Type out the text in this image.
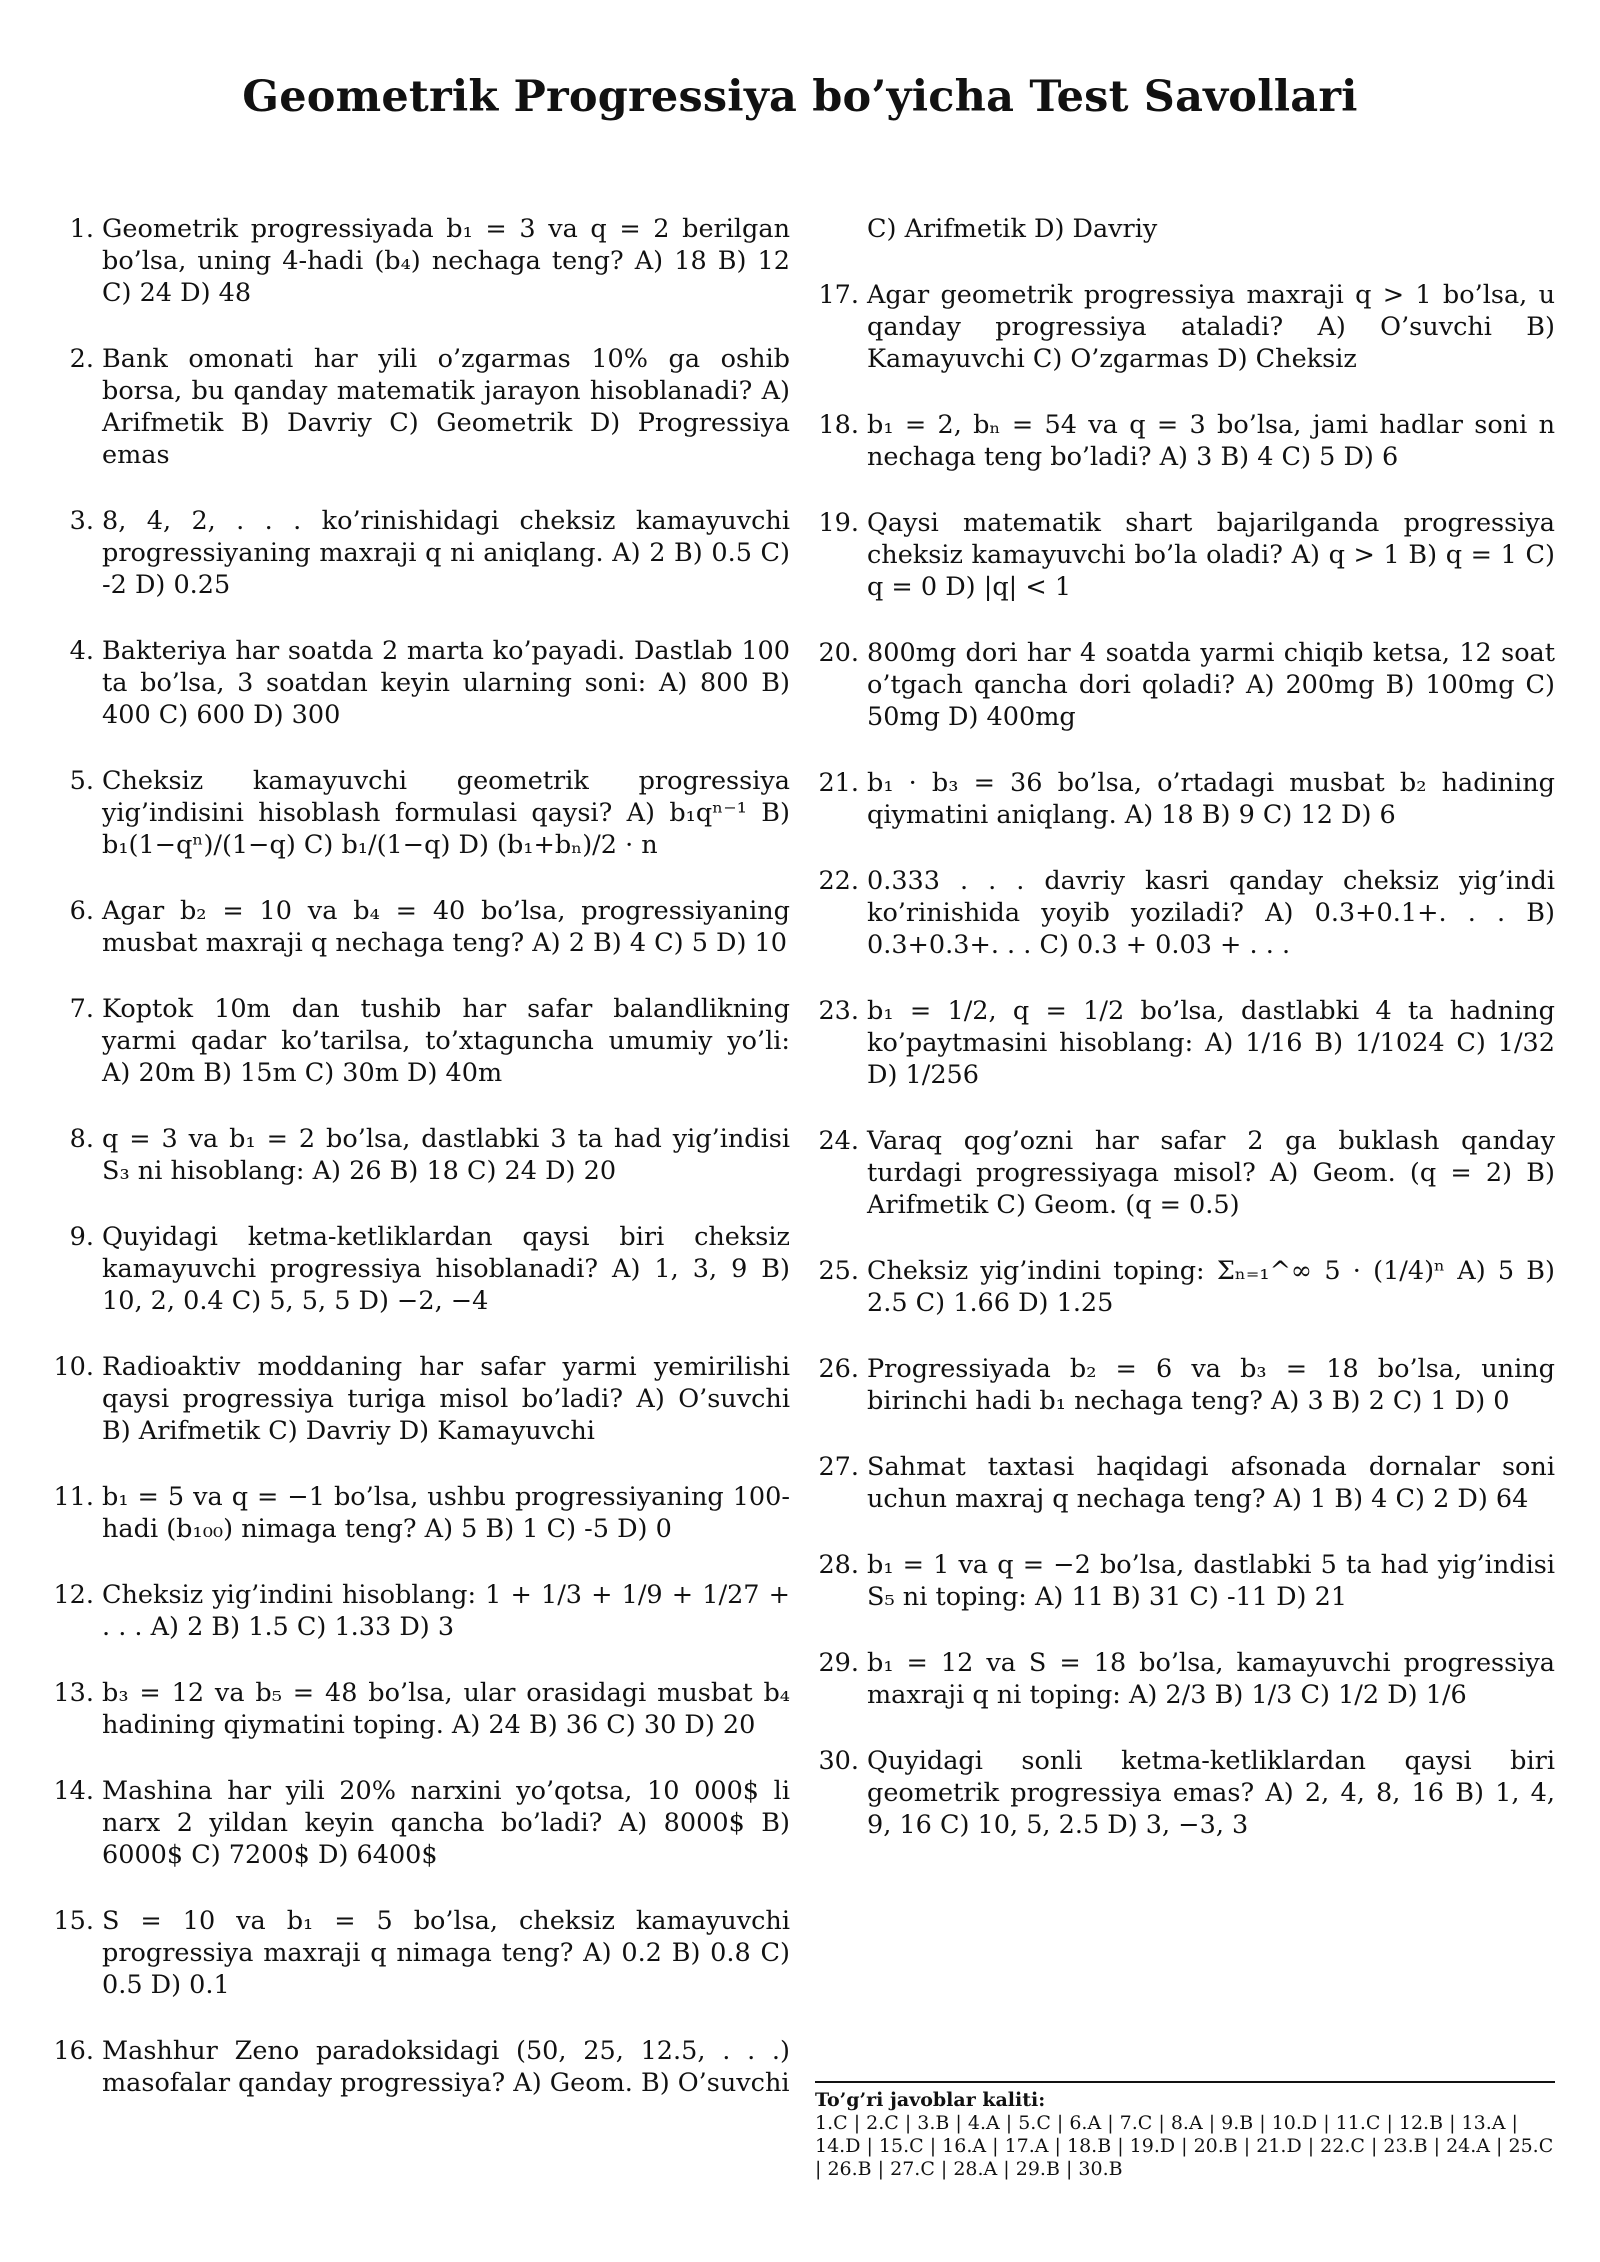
Geometrik Progressiya bo’yicha Test Savollari
1. Geometrik progressiyada b₁ = 3 va q = 2 berilgan bo’lsa, uning 4-hadi (b₄) nechaga teng? A) 18 B) 12 C) 24 D) 48
2. Bank omonati har yili o’zgarmas 10% ga oshib borsa, bu qanday matematik jarayon hisoblanadi? A) Arifmetik B) Davriy C) Geometrik D) Progressiya emas
3. 8, 4, 2, . . . ko’rinishidagi cheksiz kamayuvchi progressiyaning maxraji q ni aniqlang. A) 2 B) 0.5 C) -2 D) 0.25
4. Bakteriya har soatda 2 marta ko’payadi. Dastlab 100 ta bo’lsa, 3 soatdan keyin ularning soni: A) 800 B) 400 C) 600 D) 300
5. Cheksiz kamayuvchi geometrik progressiya yig’indisini hisoblash formulasi qaysi? A) b₁qⁿ⁻¹ B) b₁(1−qⁿ)/(1−q) C) b₁/(1−q) D) (b₁+bₙ)/2 · n
6. Agar b₂ = 10 va b₄ = 40 bo’lsa, progressiyaning musbat maxraji q nechaga teng? A) 2 B) 4 C) 5 D) 10
7. Koptok 10m dan tushib har safar balandlikning yarmi qadar ko’tarilsa, to’xtaguncha umumiy yo’li: A) 20m B) 15m C) 30m D) 40m
8. q = 3 va b₁ = 2 bo’lsa, dastlabki 3 ta had yig’indisi S₃ ni hisoblang: A) 26 B) 18 C) 24 D) 20
9. Quyidagi ketma-ketliklardan qaysi biri cheksiz kamayuvchi progressiya hisoblanadi? A) 1, 3, 9 B) 10, 2, 0.4 C) 5, 5, 5 D) −2, −4
10. Radioaktiv moddaning har safar yarmi yemirilishi qaysi progressiya turiga misol bo’ladi? A) O’suvchi B) Arifmetik C) Davriy D) Kamayuvchi
11. b₁ = 5 va q = −1 bo’lsa, ushbu progressiyaning 100-hadi (b₁₀₀) nimaga teng? A) 5 B) 1 C) -5 D) 0
12. Cheksiz yig’indini hisoblang: 1 + 1/3 + 1/9 + 1/27 + . . . A) 2 B) 1.5 C) 1.33 D) 3
13. b₃ = 12 va b₅ = 48 bo’lsa, ular orasidagi musbat b₄ hadining qiymatini toping. A) 24 B) 36 C) 30 D) 20
14. Mashina har yili 20% narxini yo’qotsa, 10 000$ li narx 2 yildan keyin qancha bo’ladi? A) 8000$ B) 6000$ C) 7200$ D) 6400$
15. S = 10 va b₁ = 5 bo’lsa, cheksiz kamayuvchi progressiya maxraji q nimaga teng? A) 0.2 B) 0.8 C) 0.5 D) 0.1
16. Mashhur Zeno paradoksidagi (50, 25, 12.5, . . .) masofalar qanday progressiya? A) Geom. B) O’suvchi
C) Arifmetik D) Davriy
17. Agar geometrik progressiya maxraji q > 1 bo’lsa, u qanday progressiya ataladi? A) O’suvchi B) Kamayuvchi C) O’zgarmas D) Cheksiz
18. b₁ = 2, bₙ = 54 va q = 3 bo’lsa, jami hadlar soni n nechaga teng bo’ladi? A) 3 B) 4 C) 5 D) 6
19. Qaysi matematik shart bajarilganda progressiya cheksiz kamayuvchi bo’la oladi? A) q > 1 B) q = 1 C) q = 0 D) |q| < 1
20. 800mg dori har 4 soatda yarmi chiqib ketsa, 12 soat o’tgach qancha dori qoladi? A) 200mg B) 100mg C) 50mg D) 400mg
21. b₁ · b₃ = 36 bo’lsa, o’rtadagi musbat b₂ hadining qiymatini aniqlang. A) 18 B) 9 C) 12 D) 6
22. 0.333 . . . davriy kasri qanday cheksiz yig’indi ko’rinishida yoyib yoziladi? A) 0.3+0.1+. . . B) 0.3+0.3+. . . C) 0.3 + 0.03 + . . .
23. b₁ = 1/2, q = 1/2 bo’lsa, dastlabki 4 ta hadning ko’paytmasini hisoblang: A) 1/16 B) 1/1024 C) 1/32 D) 1/256
24. Varaq qog’ozni har safar 2 ga buklash qanday turdagi progressiyaga misol? A) Geom. (q = 2) B) Arifmetik C) Geom. (q = 0.5)
25. Cheksiz yig’indini toping: Σₙ₌₁^∞ 5 · (1/4)ⁿ A) 5 B) 2.5 C) 1.66 D) 1.25
26. Progressiyada b₂ = 6 va b₃ = 18 bo’lsa, uning birinchi hadi b₁ nechaga teng? A) 3 B) 2 C) 1 D) 0
27. Sahmat taxtasi haqidagi afsonada dornalar soni uchun maxraj q nechaga teng? A) 1 B) 4 C) 2 D) 64
28. b₁ = 1 va q = −2 bo’lsa, dastlabki 5 ta had yig’indisi S₅ ni toping: A) 11 B) 31 C) -11 D) 21
29. b₁ = 12 va S = 18 bo’lsa, kamayuvchi progressiya maxraji q ni toping: A) 2/3 B) 1/3 C) 1/2 D) 1/6
30. Quyidagi sonli ketma-ketliklardan qaysi biri geometrik progressiya emas? A) 2, 4, 8, 16 B) 1, 4, 9, 16 C) 10, 5, 2.5 D) 3, −3, 3
To’g’ri javoblar kaliti:
1.C | 2.C | 3.B | 4.A | 5.C | 6.A | 7.C | 8.A | 9.B | 10.D | 11.C | 12.B | 13.A | 14.D | 15.C | 16.A | 17.A | 18.B | 19.D | 20.B | 21.D | 22.C | 23.B | 24.A | 25.C | 26.B | 27.C | 28.A | 29.B | 30.B
